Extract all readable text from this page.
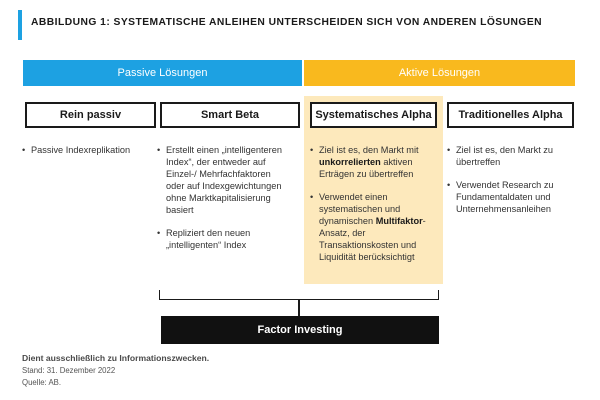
ABBILDUNG 1: SYSTEMATISCHE ANLEIHEN UNTERSCHEIDEN SICH VON ANDEREN LÖSUNGEN
Passive Lösungen	Aktive Lösungen
Rein passiv	Smart Beta	Systematisches Alpha Traditionelles Alpha
• Passive Indexreplikation
•	Erstellt einen „intelligenteren Index“, der entweder auf Einzel-/ Mehrfachfaktoren oder auf Indexgewichtungen ohne Marktkapitalisierung basiert
• Repliziert den neuen „intelligenten“ Index
• Ziel ist es, den Markt mit unkorrelierten aktiven Erträgen zu übertreffen
• Verwendet einen systematischen und dynamischen Multifaktor-Ansatz, der Transaktionskosten und Liquidität berücksichtigt
• Ziel ist es, den Markt zu übertreffen
• Verwendet Research zu Fundamentaldaten und Unternehmensanleihen
Factor Investing
Dient ausschließlich zu Informationszwecken.
Stand: 31. Dezember 2022
Quelle: AB.
